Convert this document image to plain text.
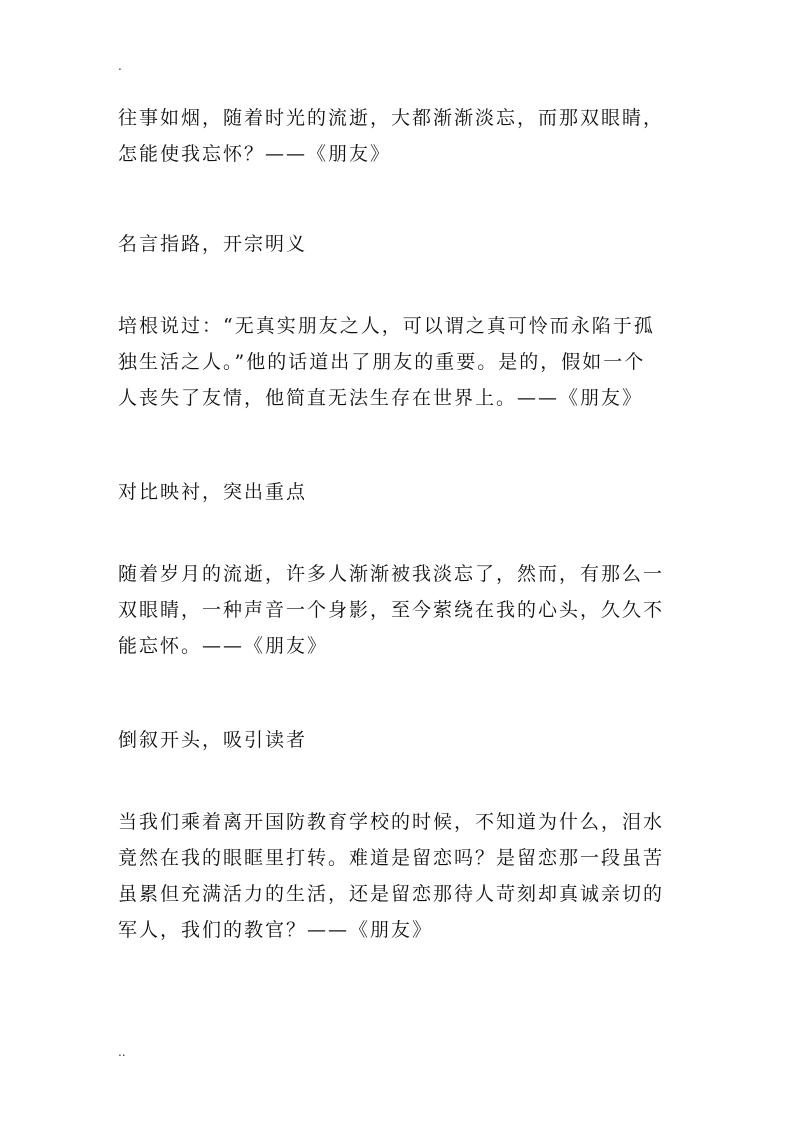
.
往事如烟，随着时光的流逝，大都渐渐淡忘，而那双眼睛，
怎能使我忘怀？——《朋友》
名言指路，开宗明义
培根说过：“无真实朋友之人，可以谓之真可怜而永陷于孤
独生活之人。”他的话道出了朋友的重要。是的，假如一个
人丧失了友情，他简直无法生存在世界上。——《朋友》
对比映衬，突出重点
随着岁月的流逝，许多人渐渐被我淡忘了，然而，有那么一
双眼睛，一种声音一个身影，至今萦绕在我的心头，久久不
能忘怀。——《朋友》
倒叙开头，吸引读者
当我们乘着离开国防教育学校的时候，不知道为什么，泪水
竟然在我的眼眶里打转。难道是留恋吗？是留恋那一段虽苦
虽累但充满活力的生活，还是留恋那待人苛刻却真诚亲切的
军人，我们的教官？——《朋友》
..
